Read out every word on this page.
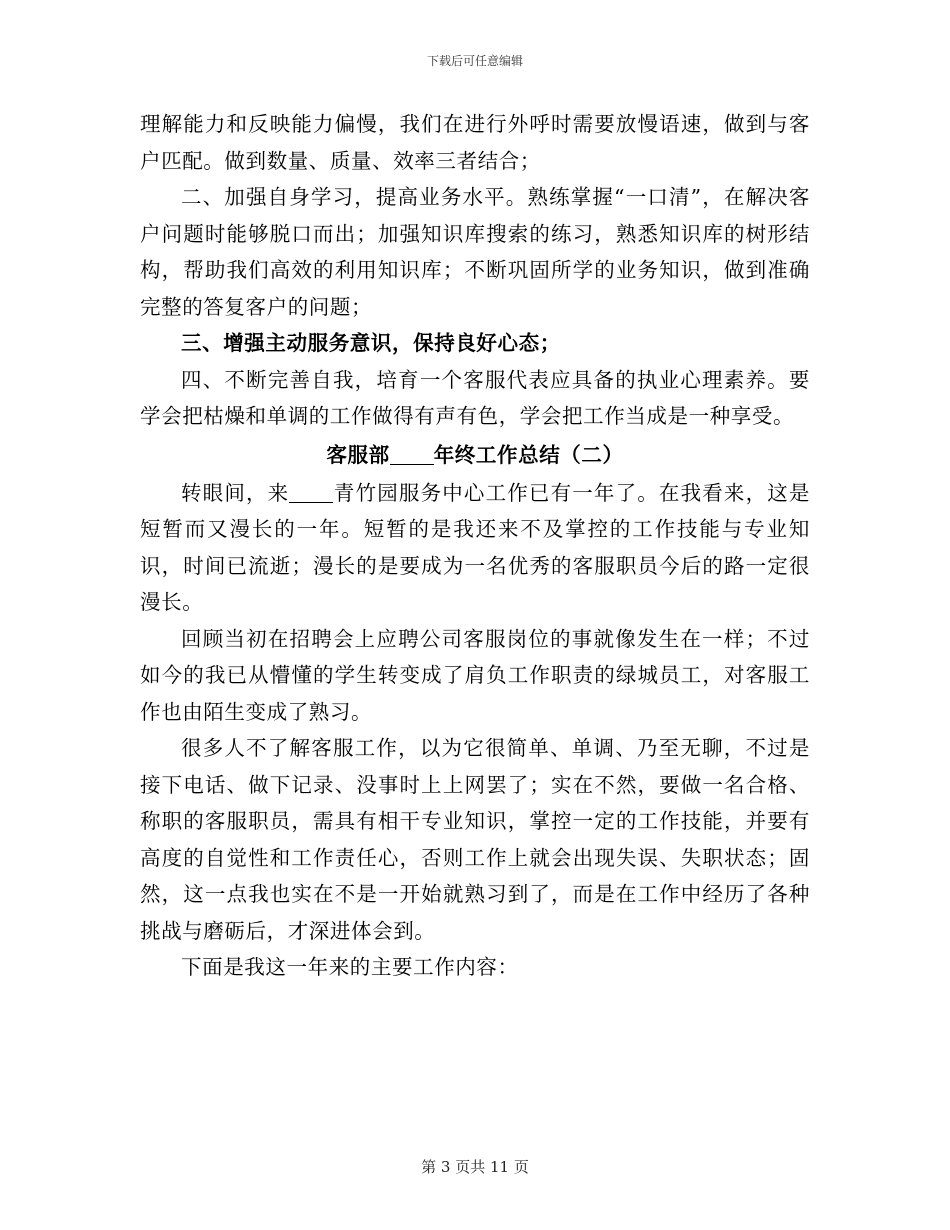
下载后可任意编辑

理解能力和反映能力偏慢，我们在进行外呼时需要放慢语速，做到与客户匹配。做到数量、质量、效率三者结合；

二、加强自身学习，提高业务水平。熟练掌握“一口清”，在解决客户问题时能够脱口而出；加强知识库搜索的练习，熟悉知识库的树形结构，帮助我们高效的利用知识库；不断巩固所学的业务知识，做到准确完整的答复客户的问题；

三、增强主动服务意识，保持良好心态；

四、不断完善自我，培育一个客服代表应具备的执业心理素养。要学会把枯燥和单调的工作做得有声有色，学会把工作当成是一种享受。

客服部 年终工作总结（二）

转眼间，来 青竹园服务中心工作已有一年了。在我看来，这是短暂而又漫长的一年。短暂的是我还来不及掌控的工作技能与专业知识，时间已流逝；漫长的是要成为一名优秀的客服职员今后的路一定很漫长。

回顾当初在招聘会上应聘公司客服岗位的事就像发生在一样；不过如今的我已从懵懂的学生转变成了肩负工作职责的绿城员工，对客服工作也由陌生变成了熟习。

很多人不了解客服工作，以为它很简单、单调、乃至无聊，不过是接下电话、做下记录、没事时上上网罢了；实在不然，要做一名合格、称职的客服职员，需具有相干专业知识，掌控一定的工作技能，并要有高度的自觉性和工作责任心，否则工作上就会出现失误、失职状态；固然，这一点我也实在不是一开始就熟习到了，而是在工作中经历了各种挑战与磨砺后，才深进体会到。

下面是我这一年来的主要工作内容：

第 3 页共 11 页
